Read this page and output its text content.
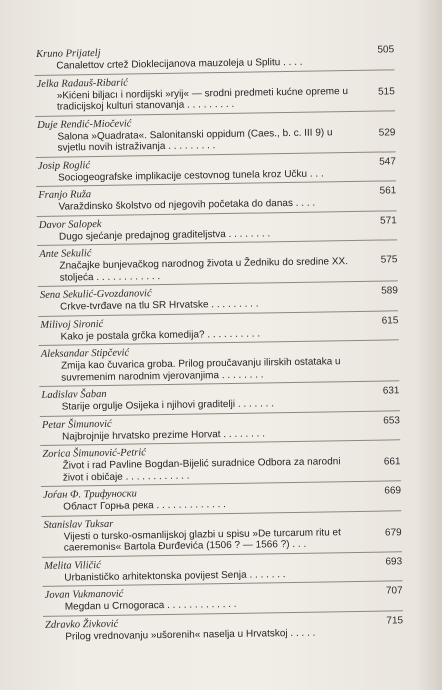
Kruno Prijatelj
Canalettov crtež Dioklecijanova mauzoleja u Splitu . . . .
505
Jelka Radauš-Ribarić
»Kićeni biljacı i nordijski »ryij« — srodni predmeti kućne opreme u tradicijskoj kulturi stanovanja . . . . . . . . .
515
Duje Rendić-Miočević
Salona »Quadrata«. Salonitanski oppidum (Caes., b. c. III 9) u svjetlu novih istraživanja . . . . . . . . .
529
Josip Roglić
Sociogeografske implikacije cestovnog tunela kroz Učku . . .
547
Franjo Ruža
Varaždinsko školstvo od njegovih početaka do danas . . . .
561
Davor Salopek
Dugo sjećanje predajnog graditeljstva . . . . . . . .
571
Ante Sekulić
Značajke bunjevačkog narodnog života u Žedniku do sredine XX. stoljeća . . . . . . . . . . . .
575
Sena Sekulić-Gvozdanović
Crkve-tvrđave na tlu SR Hrvatske . . . . . . . . .
589
Milivoj Sironić
Kako je postala grčka komedija? . . . . . . . . . .
615
Aleksandar Stipčević
Zmija kao čuvarica groba. Prilog proučavanju ilirskih ostataka u suvremenim narodnim vjerovanjima . . . . . . . .
Ladislav Šaban
Starije orgulje Osijeka i njihovi graditelji . . . . . . .
631
Petar Šimunović
Najbrojnije hrvatsko prezime Horvat . . . . . . . .
653
Zorica Šimunović-Petrić
Život i rad Pavline Bogdan-Bijelić suradnice Odbora za narodni život i običaje . . . . . . . . . . . .
661
Јоѓан Ф. Трифуноски
Област Горња река . . . . . . . . . . . . .
669
Stanislav Tuksar
Vijesti o tursko-osmanlijskoj glazbi u spisu »De turcarum ritu et caeremonis« Bartola Đurđevića (1506 ? — 1566 ?) . . .
679
Melita Viličić
Urbanističko arhitektonska povijest Senja . . . . . . .
693
Jovan Vukmanović
Megdan u Crnogoraca . . . . . . . . . . . . .
707
Zdravko Živković
Prilog vrednovanju »ušorenih« naselja u Hrvatskoj . . . . .
715
